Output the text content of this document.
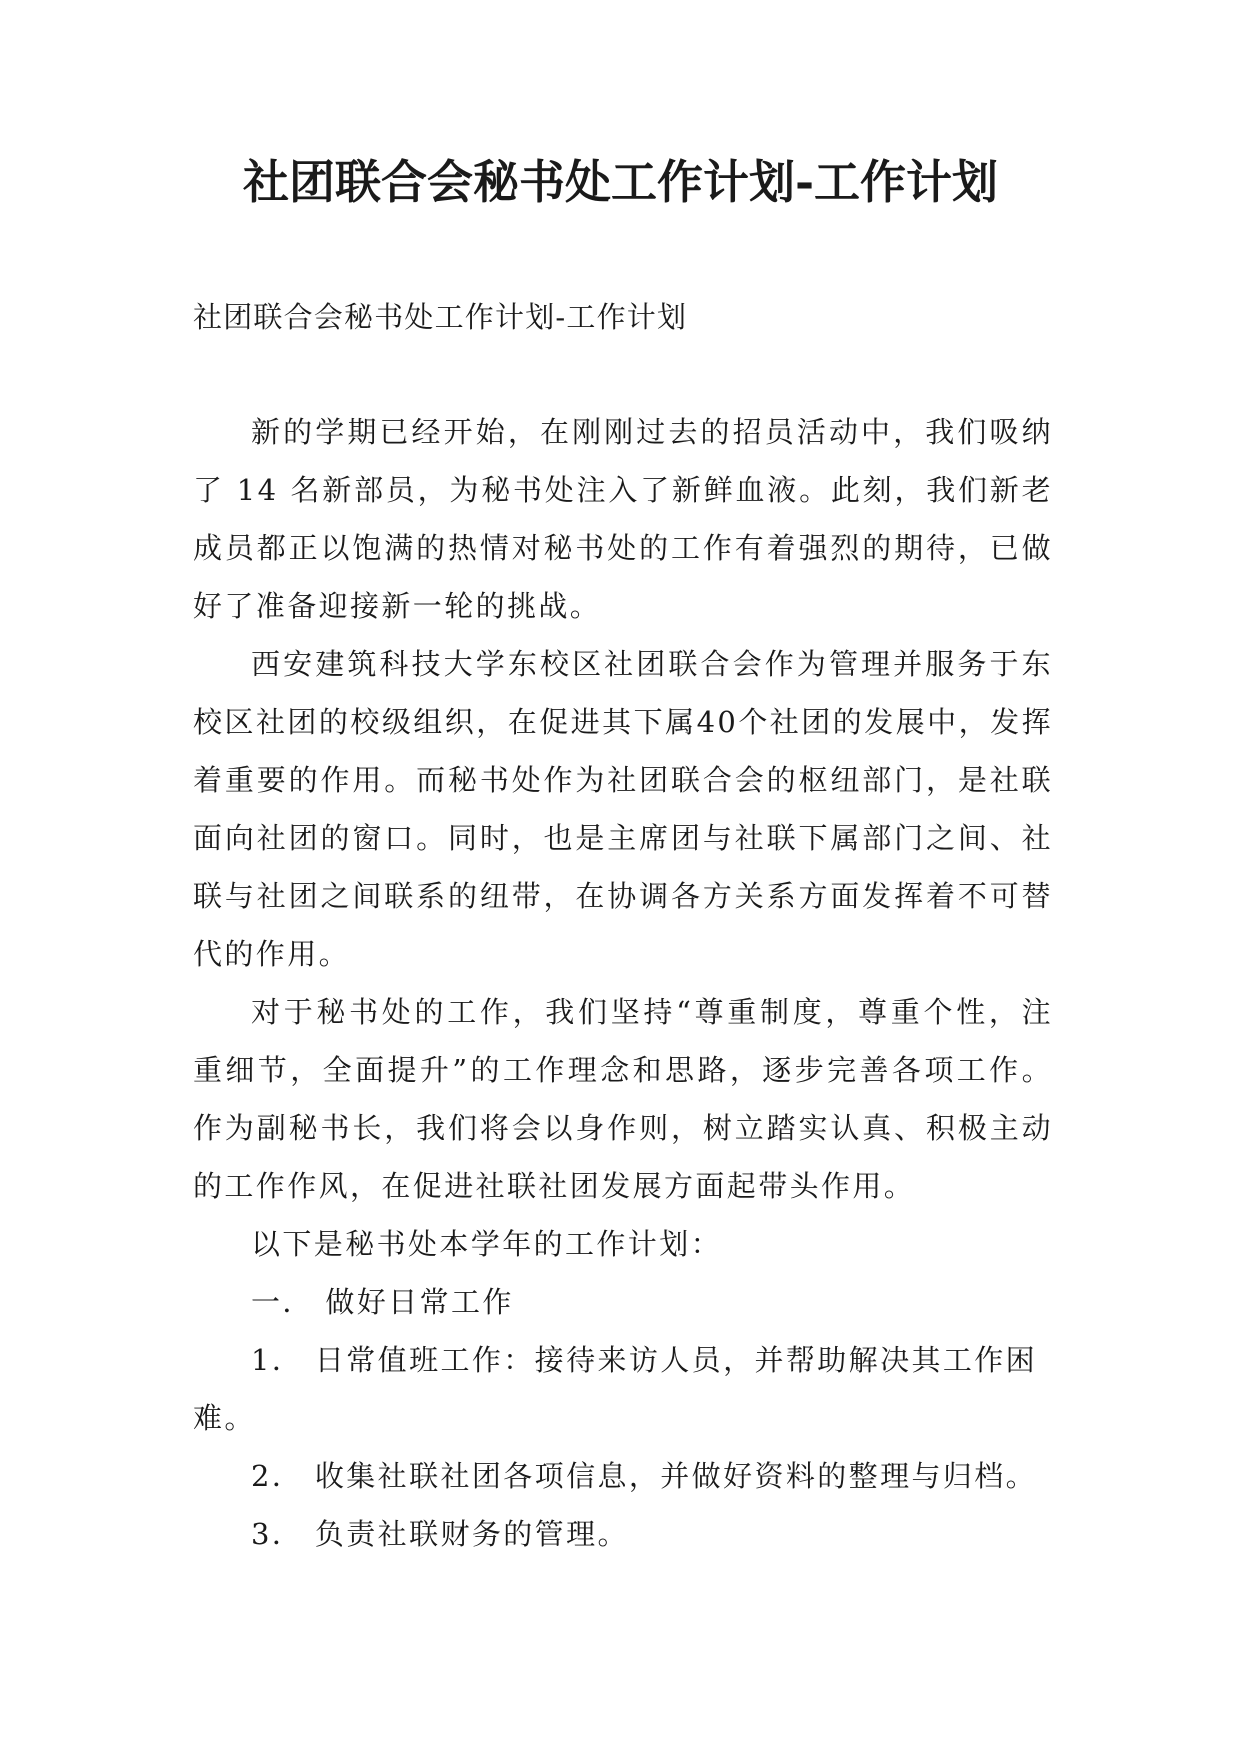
社团联合会秘书处工作计划-工作计划
社团联合会秘书处工作计划-工作计划

新的学期已经开始，在刚刚过去的招员活动中，我们吸纳了 14 名新部员，为秘书处注入了新鲜血液。此刻，我们新老成员都正以饱满的热情对秘书处的工作有着强烈的期待，已做好了准备迎接新一轮的挑战。

西安建筑科技大学东校区社团联合会作为管理并服务于东校区社团的校级组织，在促进其下属40个社团的发展中，发挥着重要的作用。而秘书处作为社团联合会的枢纽部门，是社联面向社团的窗口。同时，也是主席团与社联下属部门之间、社联与社团之间联系的纽带，在协调各方关系方面发挥着不可替代的作用。

对于秘书处的工作，我们坚持“尊重制度，尊重个性，注重细节，全面提升”的工作理念和思路，逐步完善各项工作。作为副秘书长，我们将会以身作则，树立踏实认真、积极主动的工作作风，在促进社联社团发展方面起带头作用。

以下是秘书处本学年的工作计划：

一． 做好日常工作

1． 日常值班工作：接待来访人员，并帮助解决其工作困难。

2． 收集社联社团各项信息，并做好资料的整理与归档。

3． 负责社联财务的管理。
